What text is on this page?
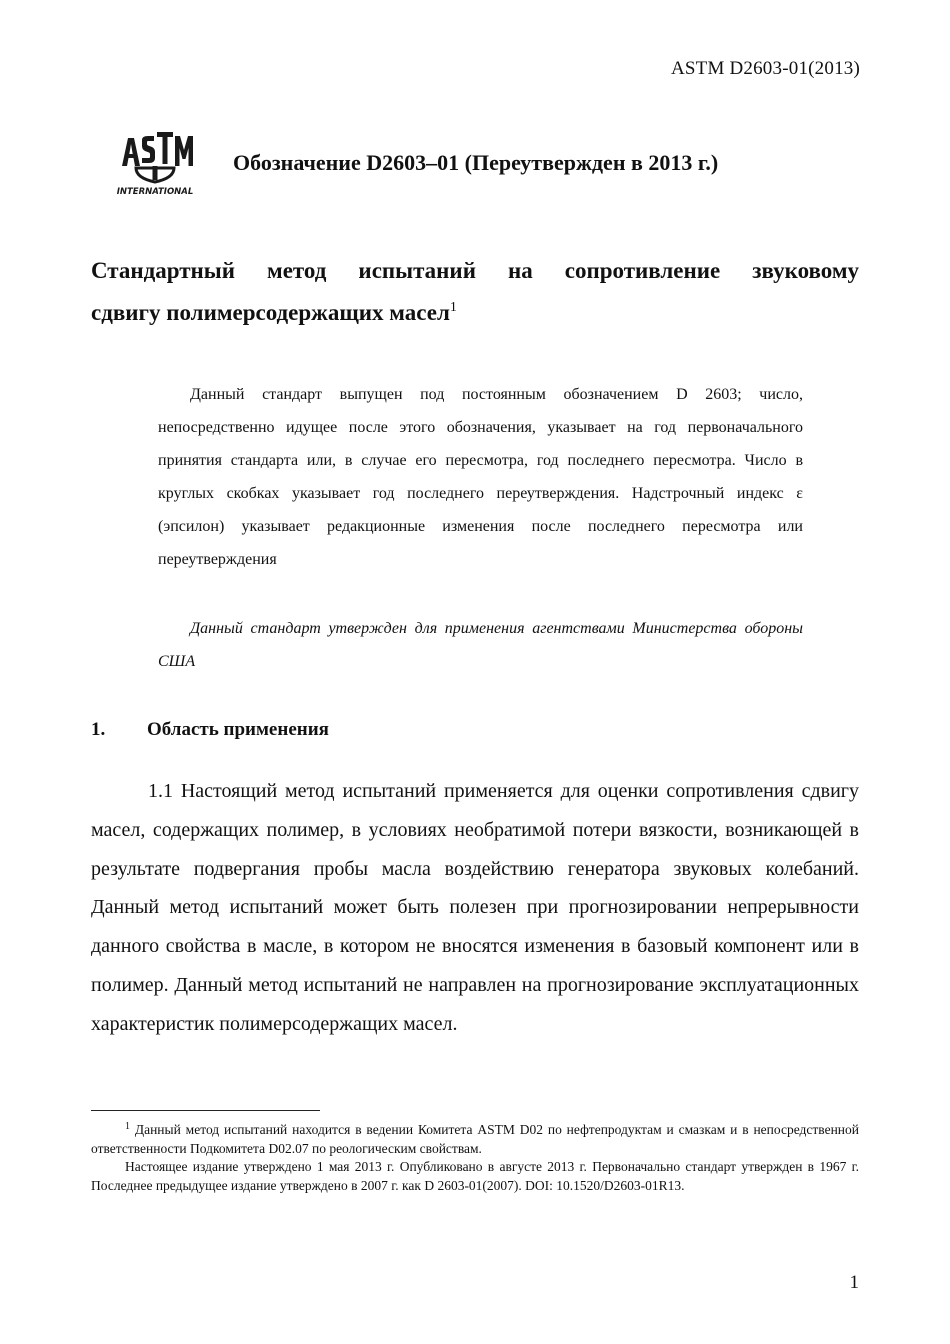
ASTM D2603-01(2013)
INTERNATIONAL
Обозначение D2603–01 (Переутвержден в 2013 г.)
Стандартный метод испытаний на сопротивление звуковому
сдвигу полимерсодержащих масел$^1$
Данный стандарт выпущен под постоянным обозначением D 2603; число, непосредственно идущее после этого обозначения, указывает на год первоначального принятия стандарта или, в случае его пересмотра, год последнего пересмотра. Число в круглых скобках указывает год последнего переутверждения. Надстрочный индекс ε (эпсилон) указывает редакционные изменения после последнего пересмотра или переутверждения
Данный стандарт утвержден для применения агентствами Министерства обороны США
1. Область применения
1.1 Настоящий метод испытаний применяется для оценки сопротивления сдвигу масел, содержащих полимер, в условиях необратимой потери вязкости, возникающей в результате подвергания пробы масла воздействию генератора звуковых колебаний. Данный метод испытаний может быть полезен при прогнозировании непрерывности данного свойства в масле, в котором не вносятся изменения в базовый компонент или в полимер. Данный метод испытаний не направлен на прогнозирование эксплуатационных характеристик полимерсодержащих масел.
$^1$ Данный метод испытаний находится в ведении Комитета ASTM D02 по нефтепродуктам и смазкам и в непосредственной ответственности Подкомитета D02.07 по реологическим свойствам.
Настоящее издание утверждено 1 мая 2013 г. Опубликовано в августе 2013 г. Первоначально стандарт утвержден в 1967 г. Последнее предыдущее издание утверждено в 2007 г. как D 2603-01(2007). DOI: 10.1520/D2603-01R13.
1
